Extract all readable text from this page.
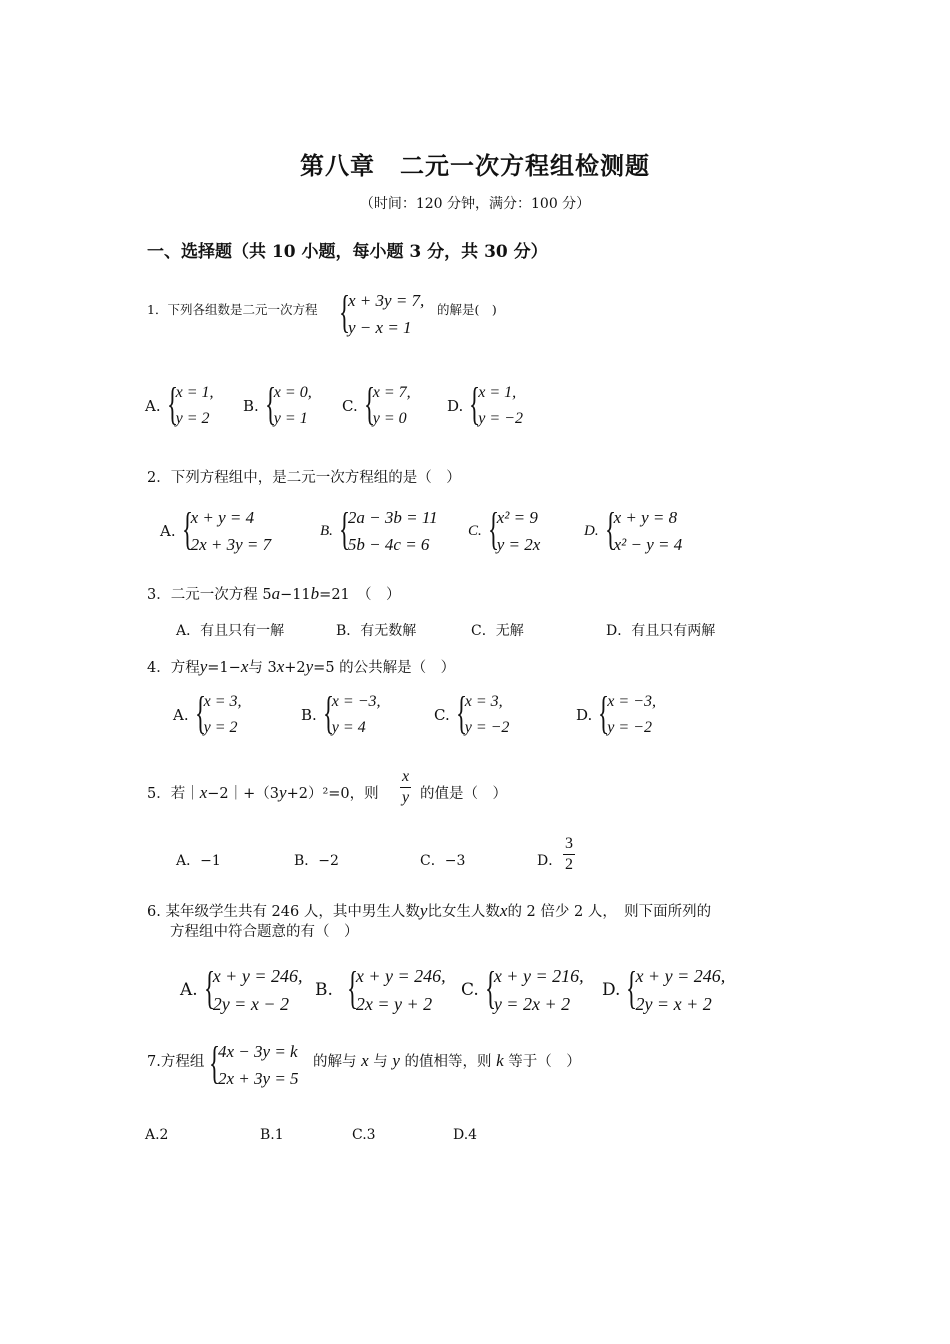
第八章　二元一次方程组检测题
（时间：120 分钟，满分：100 分）
一、选择题（共 10 小题，每小题 3 分，共 30 分）
1．下列各组数是二元一次方程 {
x + 3y = 7,
y − x = 1
的解是(　)
A. {
x = 1,
y = 2
B. {
x = 0,
y = 1
C. {
x = 7,
y = 0
D. {
x = 1,
y = −2
2．下列方程组中，是二元一次方程组的是（　）
A. {
x + y = 4
2x + 3y = 7
B. {
2a − 3b = 11
5b − 4c = 6
C. {
x² = 9
y = 2x
D. {
x + y = 8
x² − y = 4
3．二元一次方程 5a−11b=21　（　）
A．有且只有一解	B．有无数解	C．无解	D．有且只有两解
4．方程y=1−x与 3x+2y=5 的公共解是（　）
A. {
x = 3,
y = 2
B. {
x = −3,
y = 4
C. {
x = 3,
y = −2
D. {
x = −3,
y = −2
5．若｜x−2｜+（3y+2）²=0，则 $\frac{x}{y}$ 的值是（　）
A．−1	B．−2	C．−3	D． $\frac{3}{2}$
6. 某年级学生共有 246 人，其中男生人数y比女生人数x的 2 倍少 2 人，　则下面所列的
方程组中符合题意的有（　）
A. {
x + y = 246,
2y = x − 2
B. {
x + y = 246,
2x = y + 2
C. {
x + y = 216,
y = 2x + 2
D. {
x + y = 246,
2y = x + 2
7.方程组 {
4x − 3y = k
2x + 3y = 5
的解与 x 与 y 的值相等，则 k 等于（　）
A.2	B.1	C.3	D.4
